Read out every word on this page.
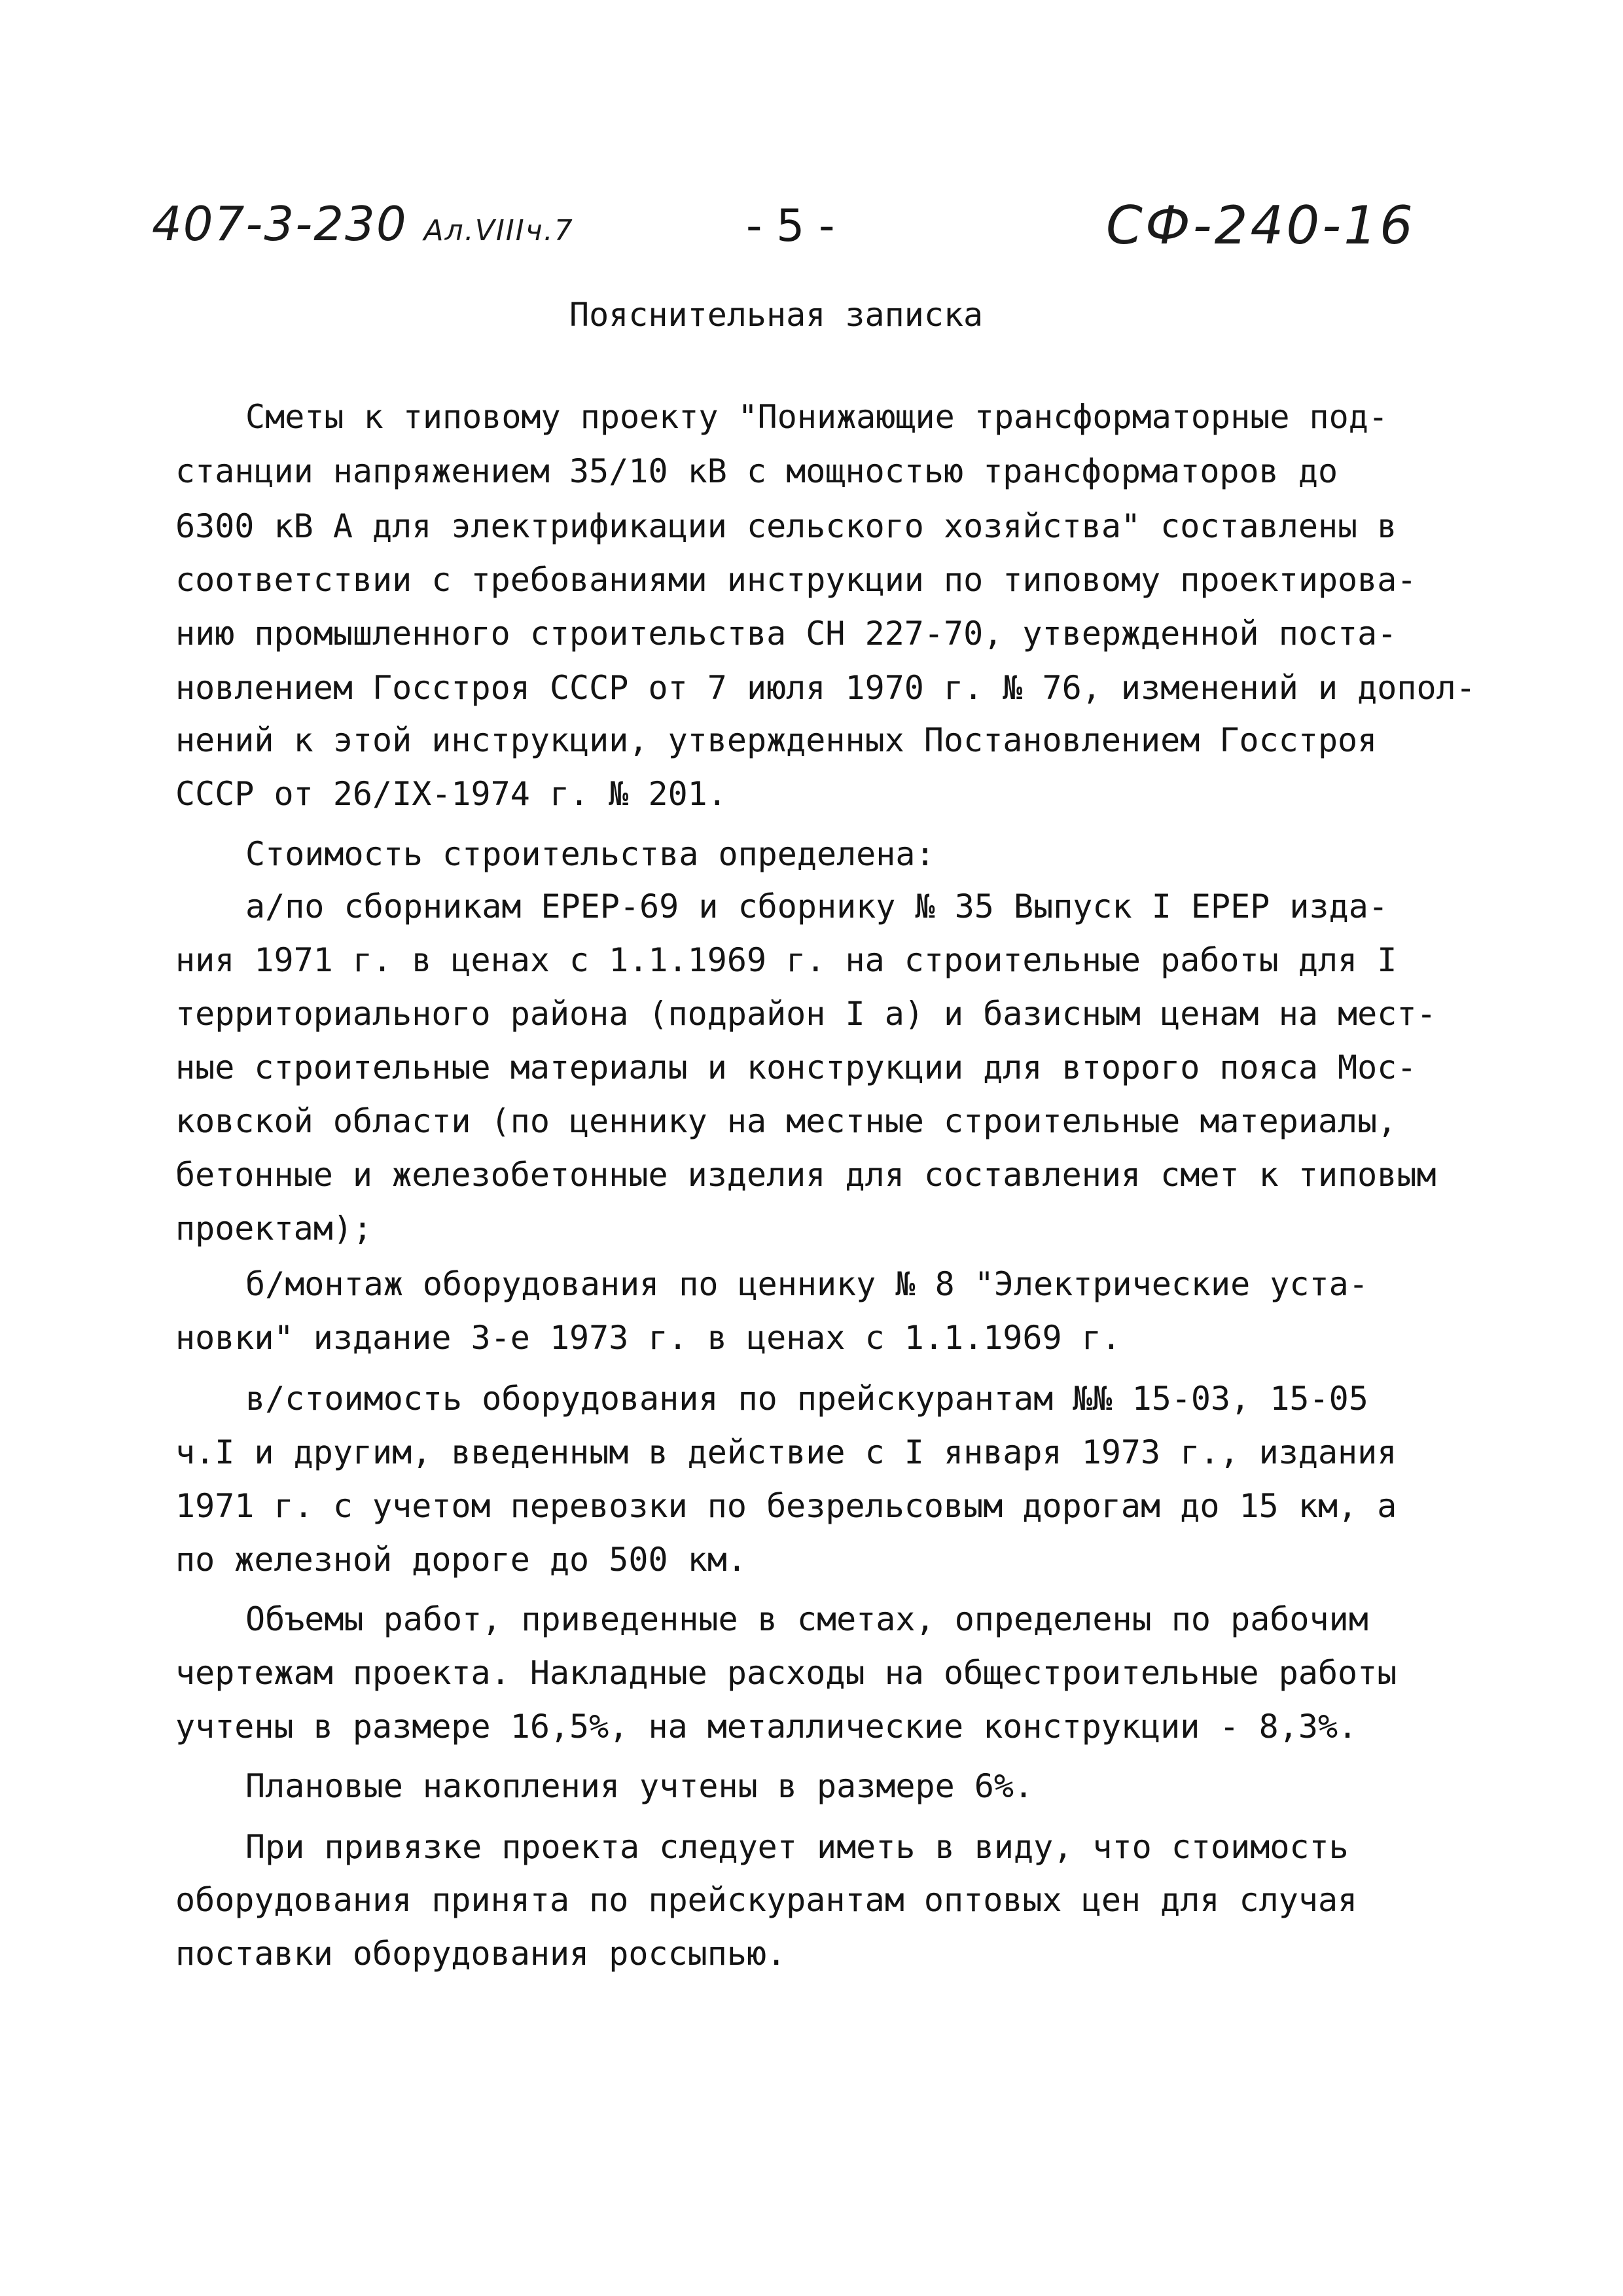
407-3-230 Ал.VIIIч.7	- 5 -	СФ-240-16
Пояснительная записка
Сметы к типовому проекту "Понижающие трансформаторные под-
станции напряжением 35/10 кВ с мощностью трансформаторов до
6300 кВ А для электрификации сельского хозяйства" составлены в
соответствии с требованиями инструкции по типовому проектирова-
нию промышленного строительства СН 227-70, утвержденной поста-
новлением Госстроя СССР от 7 июля 1970 г. № 76, изменений и допол-
нений к этой инструкции, утвержденных Постановлением Госстроя
СССР от 26/IX-1974 г. № 201.
Стоимость строительства определена:
а/по сборникам ЕРЕР-69 и сборнику № 35 Выпуск I ЕРЕР изда-
ния 1971 г. в ценах с 1.1.1969 г. на строительные работы для I
территориального района (подрайон I а) и базисным ценам на мест-
ные строительные материалы и конструкции для второго пояса Мос-
ковской области (по ценнику на местные строительные материалы,
бетонные и железобетонные изделия для составления смет к типовым
проектам);
б/монтаж оборудования по ценнику № 8 "Электрические уста-
новки" издание 3-е 1973 г. в ценах с 1.1.1969 г.
в/стоимость оборудования по прейскурантам №№ 15-03, 15-05
ч.I и другим, введенным в действие с I января 1973 г., издания
1971 г. с учетом перевозки по безрельсовым дорогам до 15 км, а
по железной дороге до 500 км.
Объемы работ, приведенные в сметах, определены по рабочим
чертежам проекта. Накладные расходы на общестроительные работы
учтены в размере 16,5%, на металлические конструкции - 8,3%.
Плановые накопления учтены в размере 6%.
При привязке проекта следует иметь в виду, что стоимость
оборудования принята по прейскурантам оптовых цен для случая
поставки оборудования россыпью.
